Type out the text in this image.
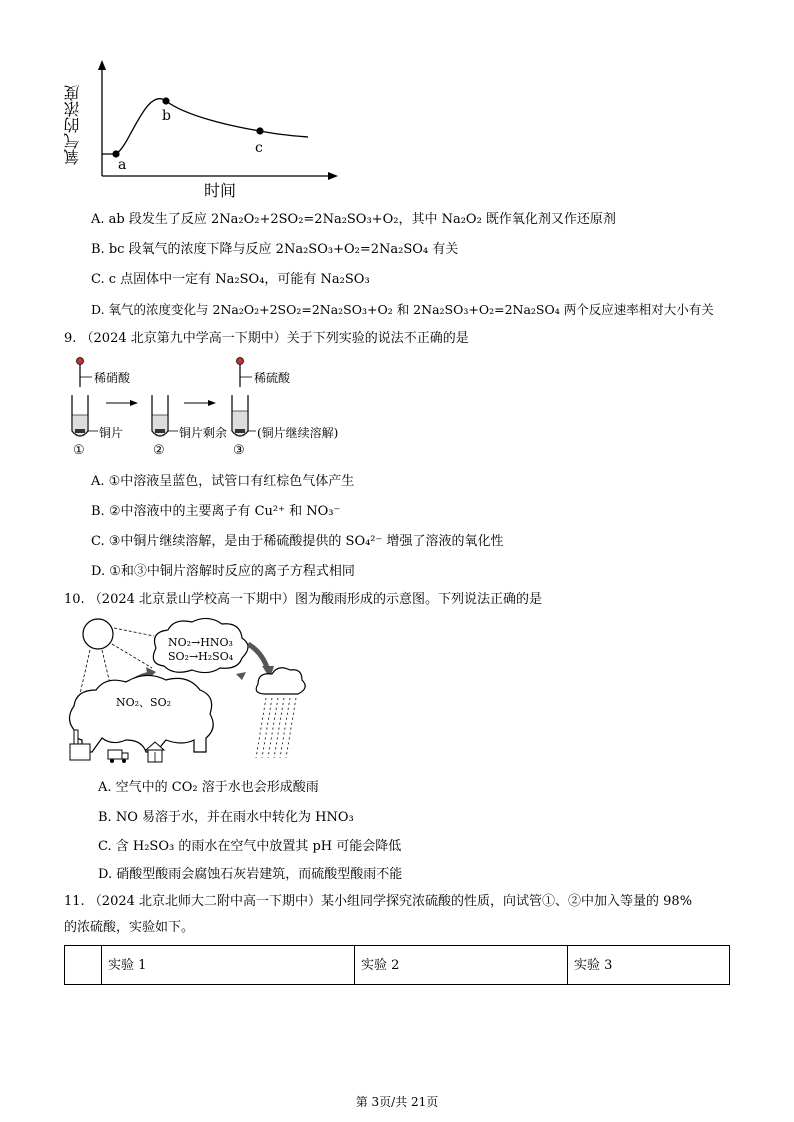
a
b
c
氧气的浓度
时间
A. ab 段发生了反应 2Na₂O₂+2SO₂=2Na₂SO₃+O₂，其中 Na₂O₂ 既作氧化剂又作还原剂
B. bc 段氧气的浓度下降与反应 2Na₂SO₃+O₂=2Na₂SO₄ 有关
C. c 点固体中一定有 Na₂SO₄，可能有 Na₂SO₃
D. 氧气的浓度变化与 2Na₂O₂+2SO₂=2Na₂SO₃+O₂ 和 2Na₂SO₃+O₂=2Na₂SO₄ 两个反应速率相对大小有关
9. （2024 北京第九中学高一下期中）关于下列实验的说法不正确的是
稀硝酸	稀硫酸
铜片	铜片剩余 (铜片继续溶解)
①	②	③
A. ①中溶液呈蓝色，试管口有红棕色气体产生
B. ②中溶液中的主要离子有 Cu²⁺ 和 NO₃⁻
C. ③中铜片继续溶解，是由于稀硫酸提供的 SO₄²⁻ 增强了溶液的氧化性
D. ①和③中铜片溶解时反应的离子方程式相同
10. （2024 北京景山学校高一下期中）图为酸雨形成的示意图。下列说法正确的是
NO₂→HNO₃
SO₂→H₂SO₄
NO₂、SO₂
A. 空气中的 CO₂ 溶于水也会形成酸雨
B. NO 易溶于水，并在雨水中转化为 HNO₃
C. 含 H₂SO₃ 的雨水在空气中放置其 pH 可能会降低
D. 硝酸型酸雨会腐蚀石灰岩建筑，而硫酸型酸雨不能
11. （2024 北京北师大二附中高一下期中）某小组同学探究浓硫酸的性质，向试管①、②中加入等量的 98%
的浓硫酸，实验如下。
	实验 1	实验 2	实验 3
第 3页/共 21页
